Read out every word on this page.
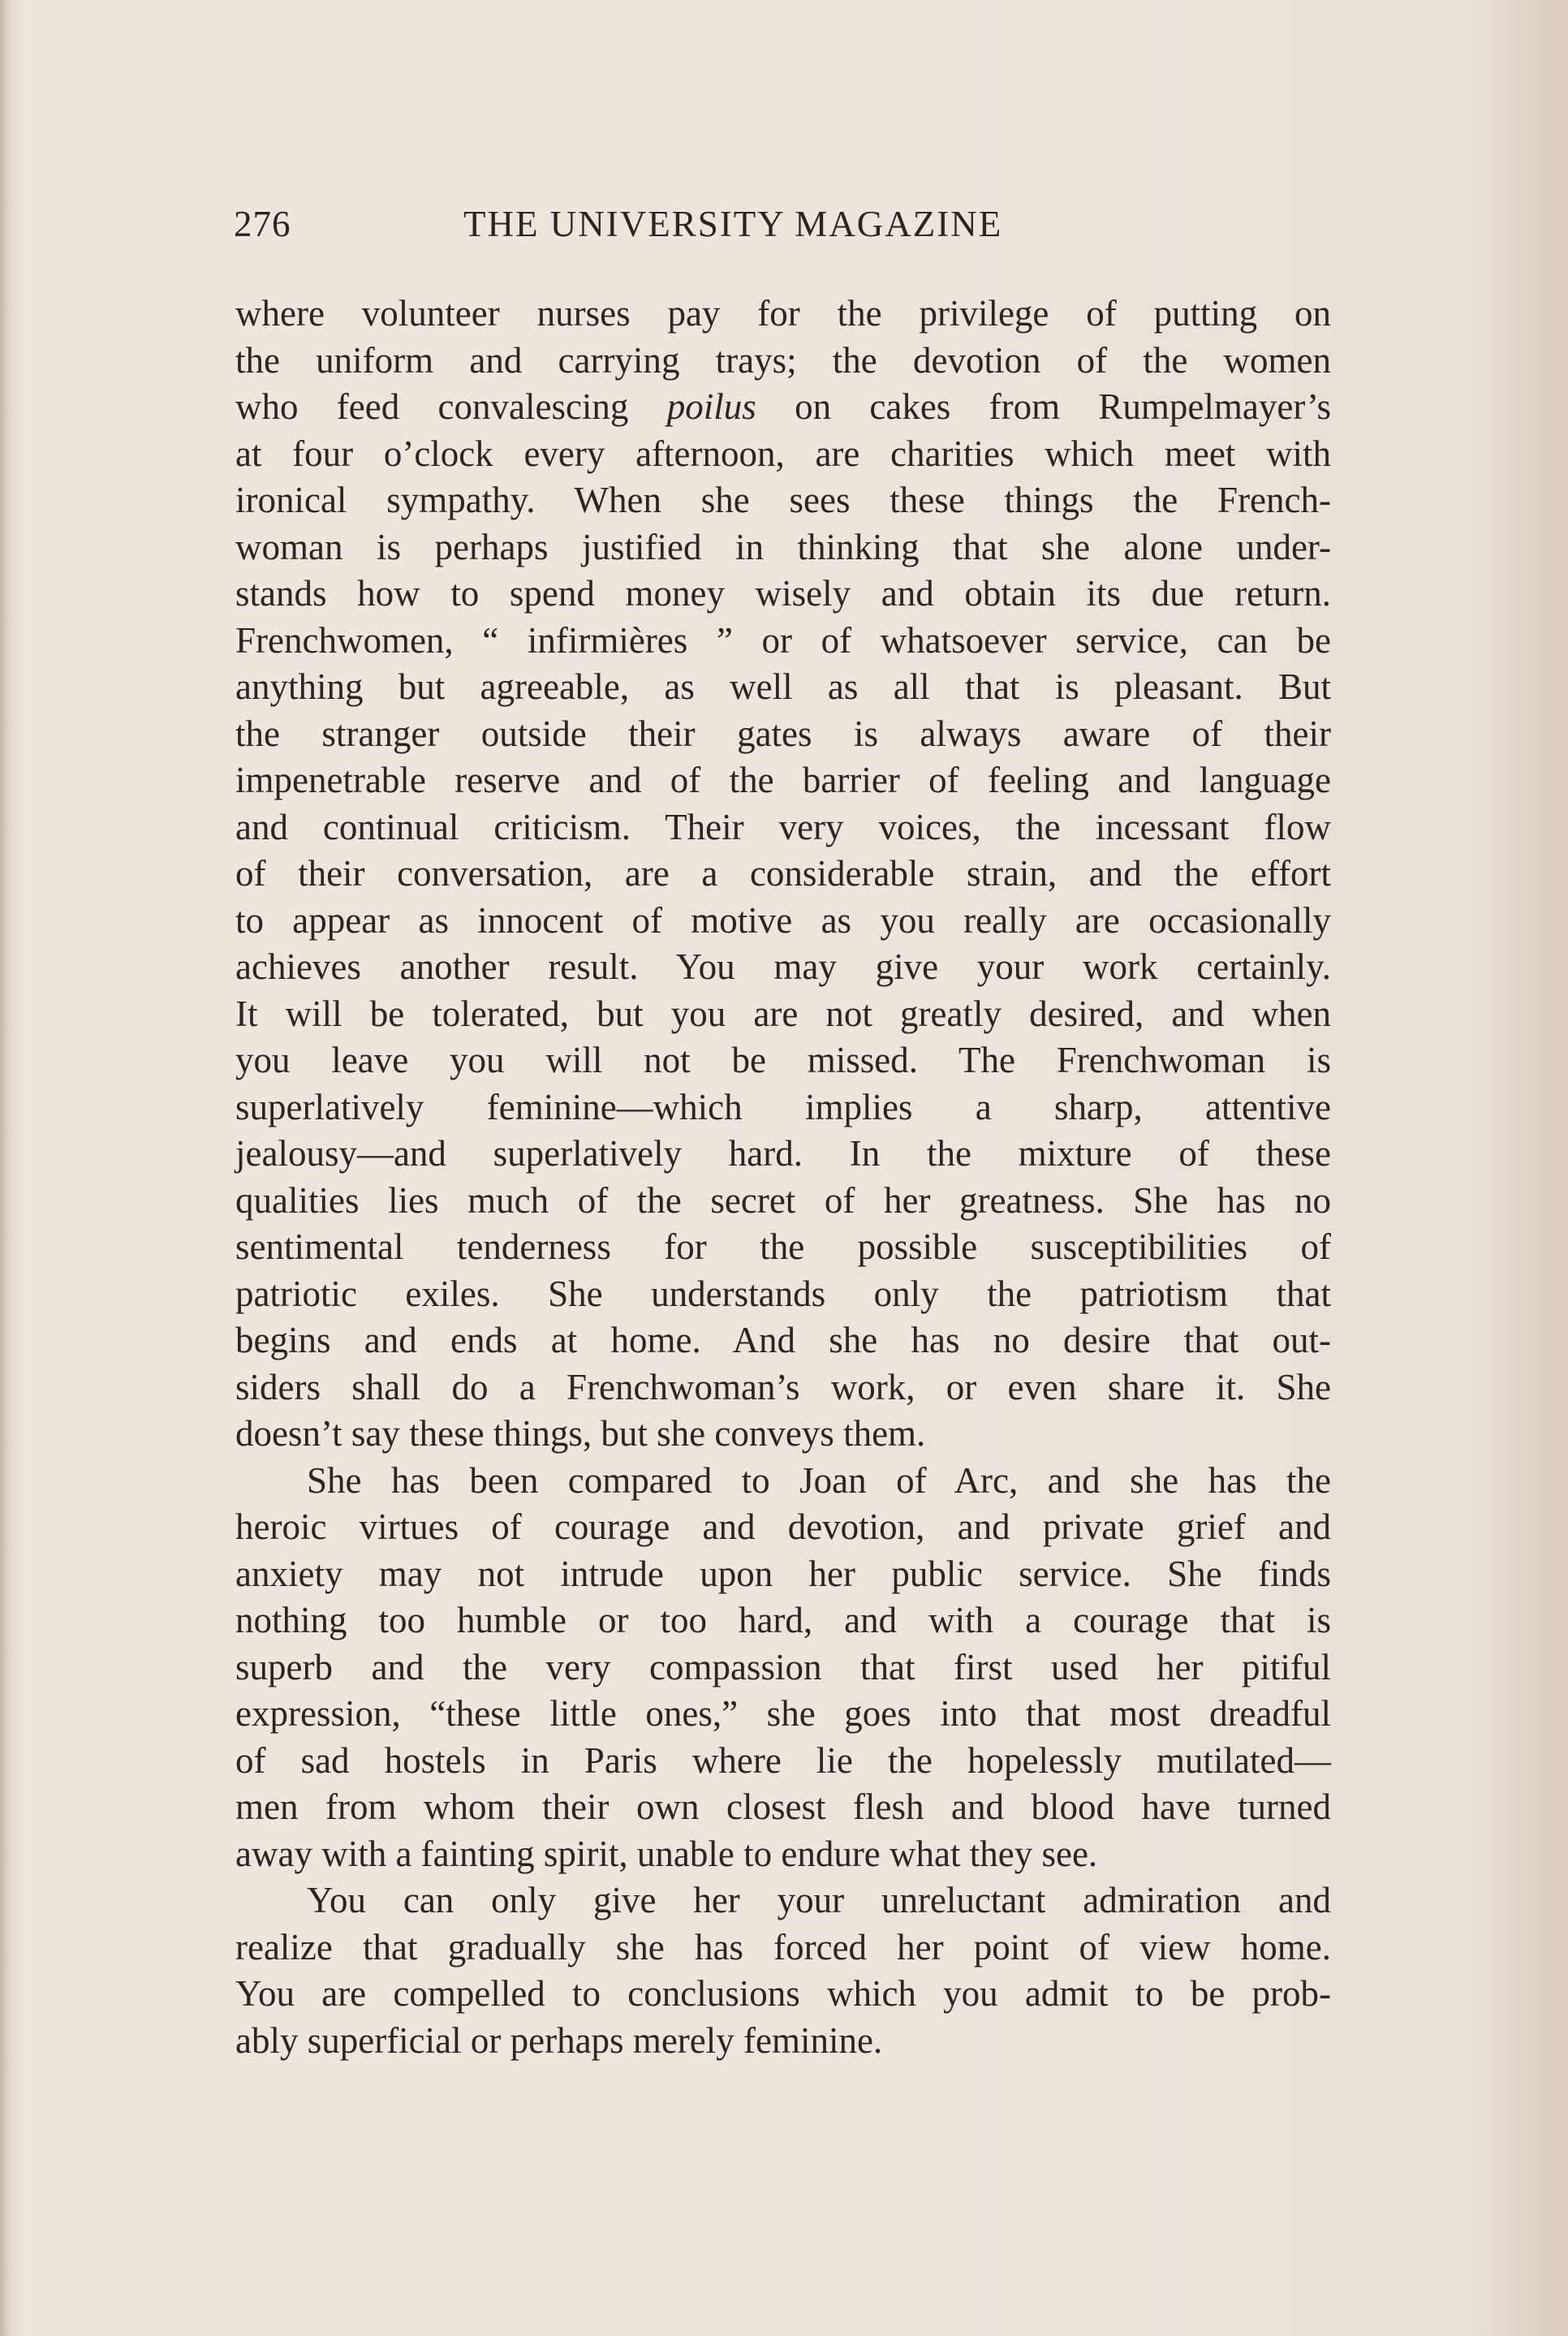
276	THE UNIVERSITY MAGAZINE
where volunteer nurses pay for the privilege of putting on
the uniform and carrying trays; the devotion of the women
who feed convalescing poilus on cakes from Rumpelmayer’s
at four o’clock every afternoon, are charities which meet with
ironical sympathy. When she sees these things the French-
woman is perhaps justified in thinking that she alone under-
stands how to spend money wisely and obtain its due return.
Frenchwomen, “ infirmières ” or of whatsoever service, can be
anything but agreeable, as well as all that is pleasant. But
the stranger outside their gates is always aware of their
impenetrable reserve and of the barrier of feeling and language
and continual criticism. Their very voices, the incessant flow
of their conversation, are a considerable strain, and the effort
to appear as innocent of motive as you really are occasionally
achieves another result. You may give your work certainly.
It will be tolerated, but you are not greatly desired, and when
you leave you will not be missed. The Frenchwoman is
superlatively feminine—which implies a sharp, attentive
jealousy—and superlatively hard. In the mixture of these
qualities lies much of the secret of her greatness. She has no
sentimental tenderness for the possible susceptibilities of
patriotic exiles. She understands only the patriotism that
begins and ends at home. And she has no desire that out-
siders shall do a Frenchwoman’s work, or even share it. She
doesn’t say these things, but she conveys them.
She has been compared to Joan of Arc, and she has the
heroic virtues of courage and devotion, and private grief and
anxiety may not intrude upon her public service. She finds
nothing too humble or too hard, and with a courage that is
superb and the very compassion that first used her pitiful
expression, “these little ones,” she goes into that most dreadful
of sad hostels in Paris where lie the hopelessly mutilated—
men from whom their own closest flesh and blood have turned
away with a fainting spirit, unable to endure what they see.
You can only give her your unreluctant admiration and
realize that gradually she has forced her point of view home.
You are compelled to conclusions which you admit to be prob-
ably superficial or perhaps merely feminine.
